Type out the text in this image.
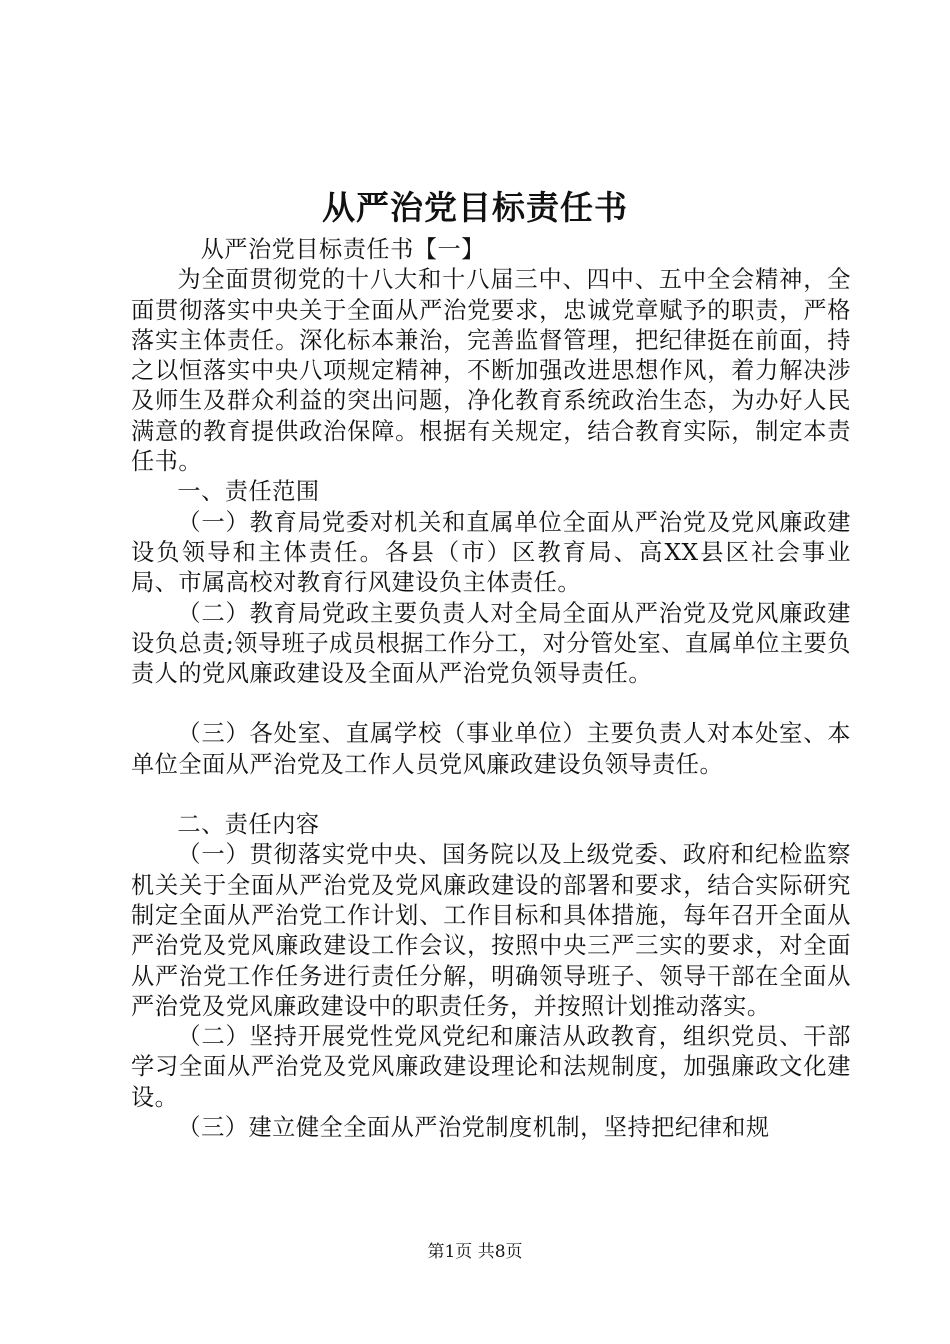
从严治党目标责任书

从严治党目标责任书【一】

为全面贯彻党的十八大和十八届三中、四中、五中全会精神，全面贯彻落实中央关于全面从严治党要求，忠诚党章赋予的职责，严格落实主体责任。深化标本兼治，完善监督管理，把纪律挺在前面，持之以恒落实中央八项规定精神，不断加强改进思想作风，着力解决涉及师生及群众利益的突出问题，净化教育系统政治生态，为办好人民满意的教育提供政治保障。根据有关规定，结合教育实际，制定本责任书。

一、责任范围

（一）教育局党委对机关和直属单位全面从严治党及党风廉政建设负领导和主体责任。各县（市）区教育局、高XX县区社会事业局、市属高校对教育行风建设负主体责任。

（二）教育局党政主要负责人对全局全面从严治党及党风廉政建设负总责;领导班子成员根据工作分工，对分管处室、直属单位主要负责人的党风廉政建设及全面从严治党负领导责任。

（三）各处室、直属学校（事业单位）主要负责人对本处室、本单位全面从严治党及工作人员党风廉政建设负领导责任。

二、责任内容

（一）贯彻落实党中央、国务院以及上级党委、政府和纪检监察机关关于全面从严治党及党风廉政建设的部署和要求，结合实际研究制定全面从严治党工作计划、工作目标和具体措施，每年召开全面从严治党及党风廉政建设工作会议，按照中央三严三实的要求，对全面从严治党工作任务进行责任分解，明确领导班子、领导干部在全面从严治党及党风廉政建设中的职责任务，并按照计划推动落实。

（二）坚持开展党性党风党纪和廉洁从政教育，组织党员、干部学习全面从严治党及党风廉政建设理论和法规制度，加强廉政文化建设。

（三）建立健全全面从严治党制度机制，坚持把纪律和规

第1页 共8页
